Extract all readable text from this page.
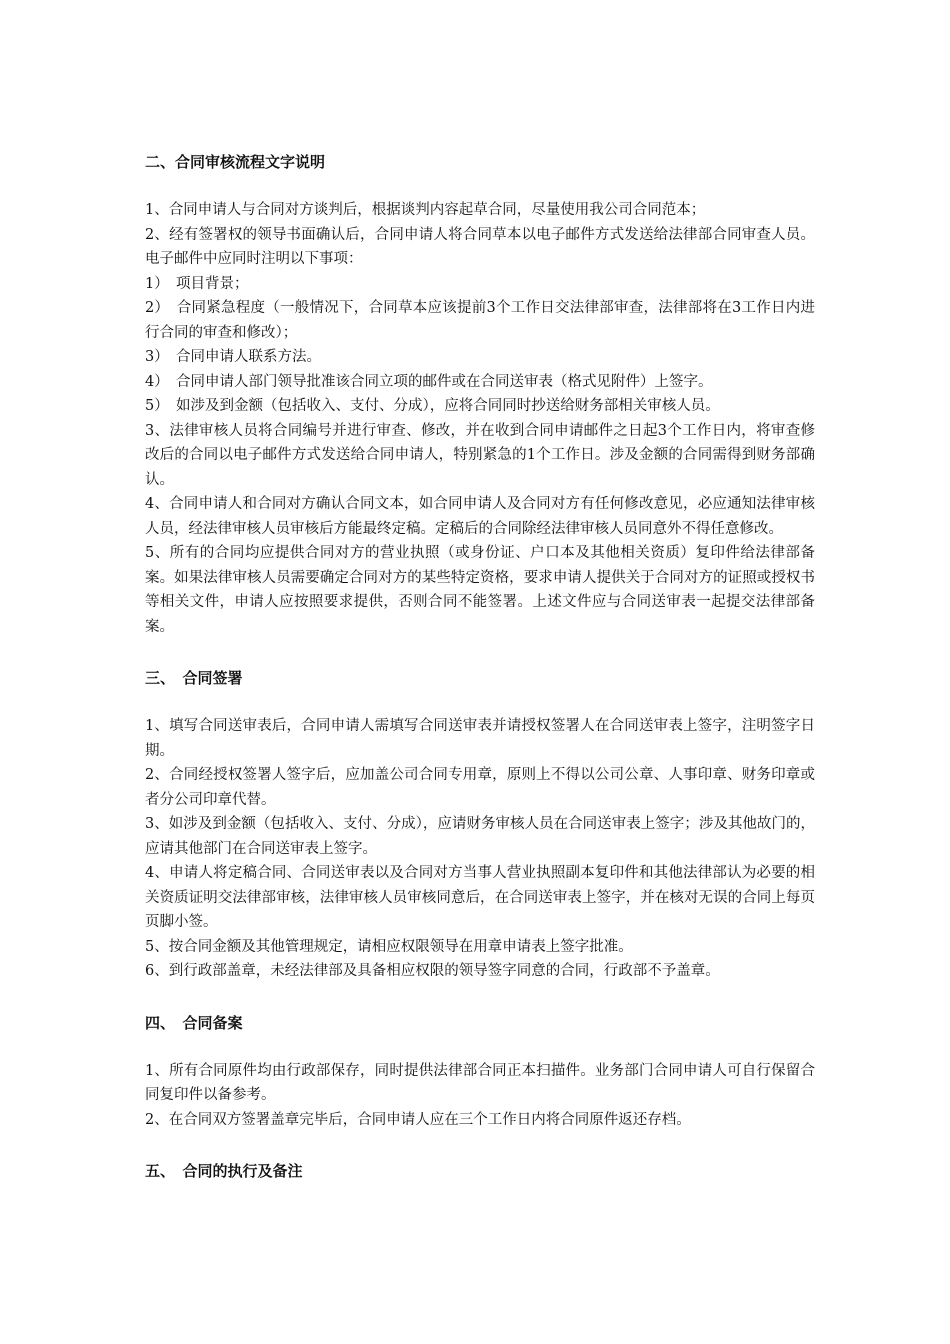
二、合同审核流程文字说明

1、合同申请人与合同对方谈判后，根据谈判内容起草合同，尽量使用我公司合同范本；

2、经有签署权的领导书面确认后，合同申请人将合同草本以电子邮件方式发送给法律部合同审查人员。电子邮件中应同时注明以下事项：

1）　项目背景；

2）　合同紧急程度（一般情况下，合同草本应该提前3个工作日交法律部审查，法律部将在3工作日内进行合同的审查和修改）；

3）　合同申请人联系方法。

4）　合同申请人部门领导批准该合同立项的邮件或在合同送审表（格式见附件）上签字。

5）　如涉及到金额（包括收入、支付、分成），应将合同同时抄送给财务部相关审核人员。

3、法律审核人员将合同编号并进行审查、修改，并在收到合同申请邮件之日起3个工作日内，将审查修改后的合同以电子邮件方式发送给合同申请人，特别紧急的1个工作日。涉及金额的合同需得到财务部确认。

4、合同申请人和合同对方确认合同文本，如合同申请人及合同对方有任何修改意见，必应通知法律审核人员，经法律审核人员审核后方能最终定稿。定稿后的合同除经法律审核人员同意外不得任意修改。

5、所有的合同均应提供合同对方的营业执照（或身份证、户口本及其他相关资质）复印件给法律部备案。如果法律审核人员需要确定合同对方的某些特定资格，要求申请人提供关于合同对方的证照或授权书等相关文件，申请人应按照要求提供，否则合同不能签署。上述文件应与合同送审表一起提交法律部备案。

三、　合同签署

1、填写合同送审表后，合同申请人需填写合同送审表并请授权签署人在合同送审表上签字，注明签字日期。

2、合同经授权签署人签字后，应加盖公司合同专用章，原则上不得以公司公章、人事印章、财务印章或者分公司印章代替。

3、如涉及到金额（包括收入、支付、分成），应请财务审核人员在合同送审表上签字；涉及其他故门的，应请其他部门在合同送审表上签字。

4、申请人将定稿合同、合同送审表以及合同对方当事人营业执照副本复印件和其他法律部认为必要的相关资质证明交法律部审核，法律审核人员审核同意后，在合同送审表上签字，并在核对无误的合同上每页页脚小签。

5、按合同金额及其他管理规定，请相应权限领导在用章申请表上签字批准。

6、到行政部盖章，未经法律部及具备相应权限的领导签字同意的合同，行政部不予盖章。

四、　合同备案

1、所有合同原件均由行政部保存，同时提供法律部合同正本扫描件。业务部门合同申请人可自行保留合同复印件以备参考。

2、在合同双方签署盖章完毕后，合同申请人应在三个工作日内将合同原件返还存档。

五、　合同的执行及备注
